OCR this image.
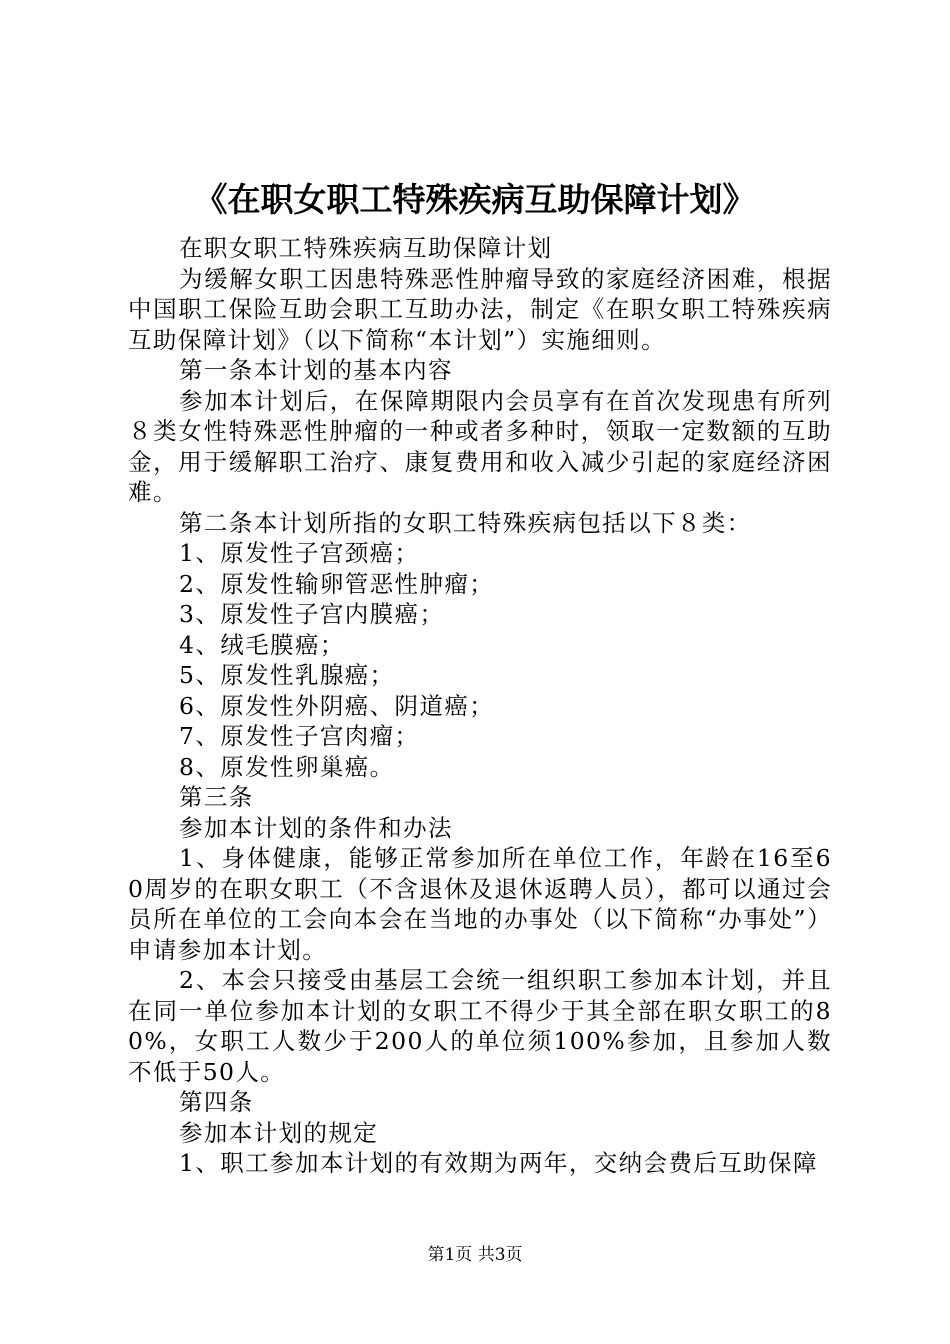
《在职女职工特殊疾病互助保障计划》

在职女职工特殊疾病互助保障计划

为缓解女职工因患特殊恶性肿瘤导致的家庭经济困难，根据中国职工保险互助会职工互助办法，制定《在职女职工特殊疾病互助保障计划》（以下简称“本计划”）实施细则。

第一条本计划的基本内容

参加本计划后，在保障期限内会员享有在首次发现患有所列８类女性特殊恶性肿瘤的一种或者多种时，领取一定数额的互助金，用于缓解职工治疗、康复费用和收入减少引起的家庭经济困难。

第二条本计划所指的女职工特殊疾病包括以下８类：

1、原发性子宫颈癌；

2、原发性输卵管恶性肿瘤；

3、原发性子宫内膜癌；

4、绒毛膜癌；

5、原发性乳腺癌；

6、原发性外阴癌、阴道癌；

7、原发性子宫肉瘤；

8、原发性卵巢癌。

第三条

参加本计划的条件和办法

1、身体健康，能够正常参加所在单位工作，年龄在16至60周岁的在职女职工（不含退休及退休返聘人员），都可以通过会员所在单位的工会向本会在当地的办事处（以下简称“办事处”）申请参加本计划。

2、本会只接受由基层工会统一组织职工参加本计划，并且在同一单位参加本计划的女职工不得少于其全部在职女职工的80%，女职工人数少于200人的单位须100%参加，且参加人数不低于50人。

第四条

参加本计划的规定

1、职工参加本计划的有效期为两年，交纳会费后互助保障

第1页 共3页
